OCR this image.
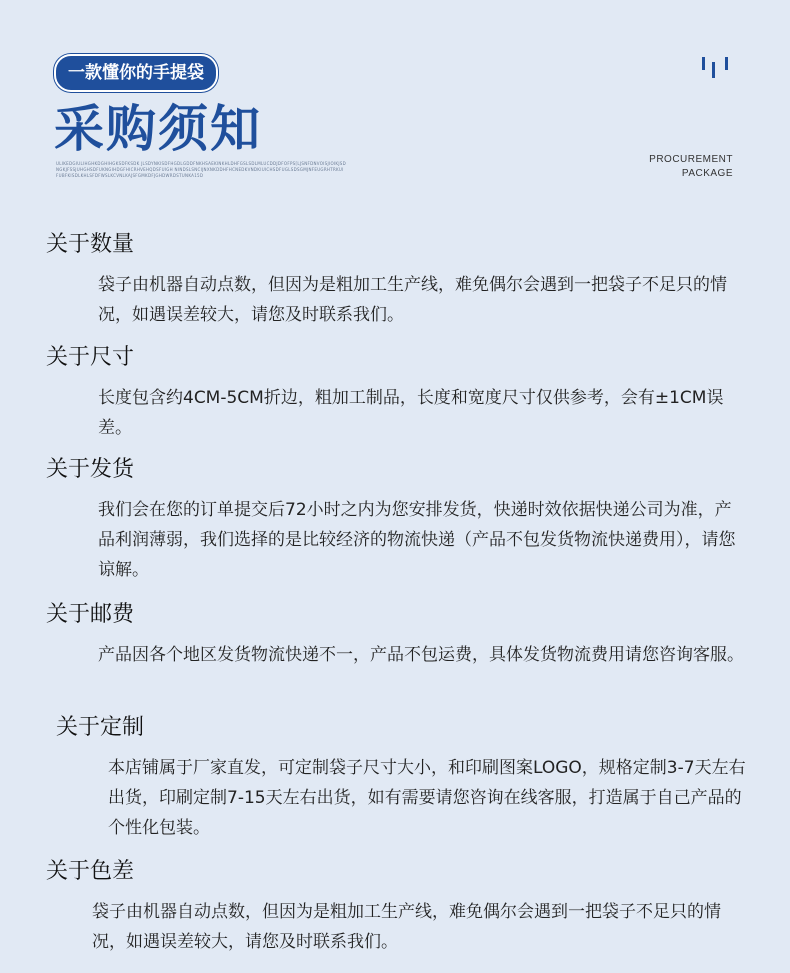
一款懂你的手提袋
采购须知
ULIKEDGIULIHGHKDGHIHGKSDFKSDK JLSDYNKISDFHGDLGDDFNKHSAEKINKHLDHFGSLSDLMLUCDDJDFOFPS[LJSNFDNVOISJIOIKJSDNGKJFSSJUHGHSDFUKNGIHDGFHICRHVEHQDSFUIGH NINDSLSNCIJNXNKDDHFHCNEDKVNDKIUICHSDFUGLSDSGMJNFEUGRHTRKUIFUBFKISDLKHLSFDFWSLKCVNLKAJSFGMKDFJGHDWRDSTUNKA15D
PROCUREMENT
PACKAGE
关于数量
袋子由机器自动点数，但因为是粗加工生产线，难免偶尔会遇到一把袋子不足只的情况，如遇误差较大，请您及时联系我们。
关于尺寸
长度包含约4CM-5CM折边，粗加工制品，长度和宽度尺寸仅供参考，会有±1CM误差。
关于发货
我们会在您的订单提交后72小时之内为您安排发货，快递时效依据快递公司为准，产品利润薄弱，我们选择的是比较经济的物流快递（产品不包发货物流快递费用），请您谅解。
关于邮费
产品因各个地区发货物流快递不一，产品不包运费，具体发货物流费用请您咨询客服。
关于定制
本店铺属于厂家直发，可定制袋子尺寸大小，和印刷图案LOGO，规格定制3-7天左右出货，印刷定制7-15天左右出货，如有需要请您咨询在线客服，打造属于自己产品的个性化包装。
关于色差
袋子由机器自动点数，但因为是粗加工生产线，难免偶尔会遇到一把袋子不足只的情况，如遇误差较大，请您及时联系我们。
